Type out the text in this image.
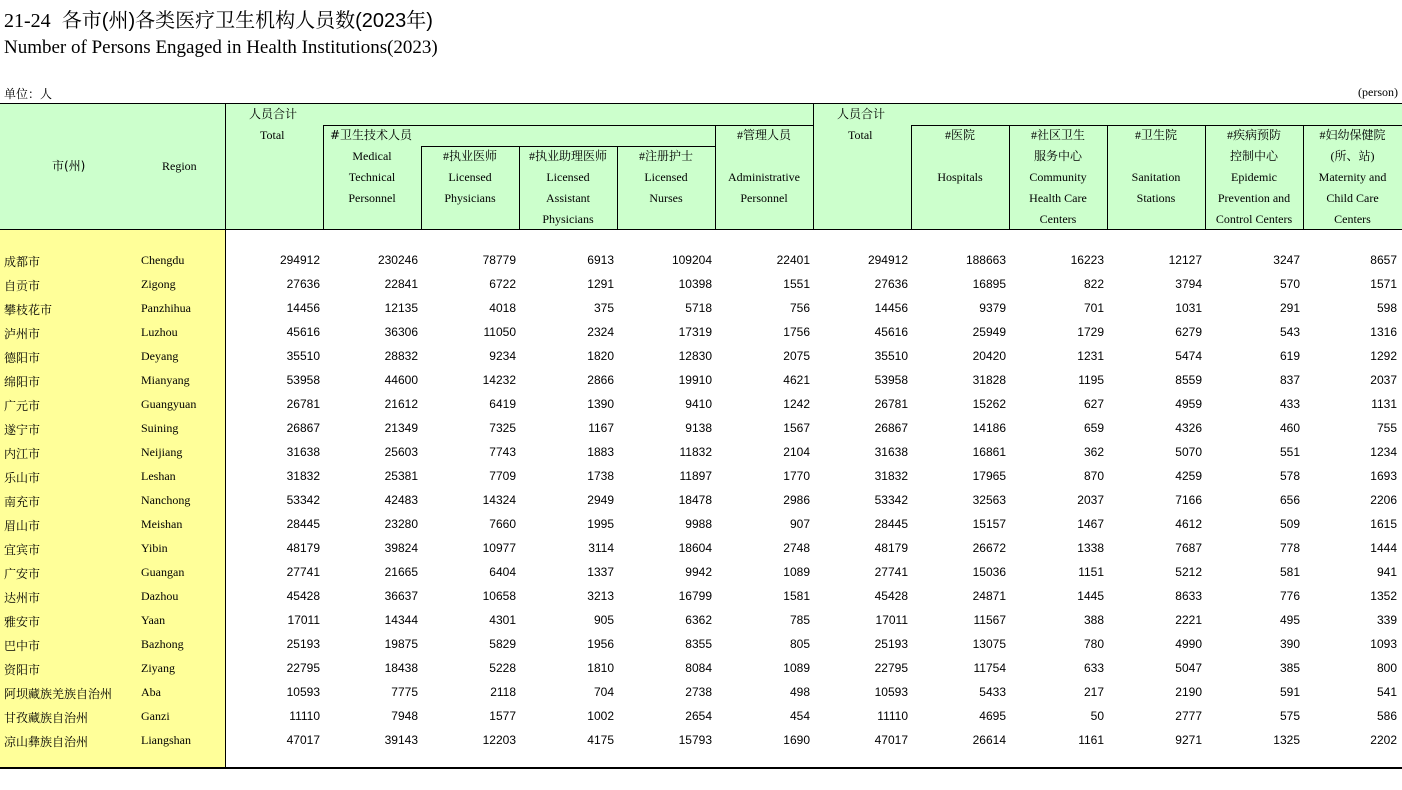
21-24 各市(州)各类医疗卫生机构人员数(2023年)
Number of Persons Engaged in Health Institutions(2023)
单位：人	(person)
市(州)	Region
人员合计
Total	#卫生技术人员
Medical
Technical
Personnel
#执业医师
Licensed
Physicians
#执业助理医师
Licensed
Assistant
Physicians
#注册护士
Licensed
Nurses
#管理人员

Administrative
Personnel
人员合计
Total	#医院

Hospitals
#社区卫生
服务中心
Community
Health Care
Centers
#卫生院

Sanitation
Stations
#疾病预防
控制中心
Epidemic
Prevention and
Control Centers
#妇幼保健院
(所、站)
Maternity and
Child Care
Centers
成都市	Chengdu	294912	230246	78779	6913	109204	22401	294912	188663	16223	12127	3247	8657
自贡市	Zigong	27636	22841	6722	1291	10398	1551	27636	16895	822	3794	570	1571
攀枝花市	Panzhihua	14456	12135	4018	375	5718	756	14456	9379	701	1031	291	598
泸州市	Luzhou	45616	36306	11050	2324	17319	1756	45616	25949	1729	6279	543	1316
德阳市	Deyang	35510	28832	9234	1820	12830	2075	35510	20420	1231	5474	619	1292
绵阳市	Mianyang	53958	44600	14232	2866	19910	4621	53958	31828	1195	8559	837	2037
广元市	Guangyuan	26781	21612	6419	1390	9410	1242	26781	15262	627	4959	433	1131
遂宁市	Suining	26867	21349	7325	1167	9138	1567	26867	14186	659	4326	460	755
内江市	Neijiang	31638	25603	7743	1883	11832	2104	31638	16861	362	5070	551	1234
乐山市	Leshan	31832	25381	7709	1738	11897	1770	31832	17965	870	4259	578	1693
南充市	Nanchong	53342	42483	14324	2949	18478	2986	53342	32563	2037	7166	656	2206
眉山市	Meishan	28445	23280	7660	1995	9988	907	28445	15157	1467	4612	509	1615
宜宾市	Yibin	48179	39824	10977	3114	18604	2748	48179	26672	1338	7687	778	1444
广安市	Guangan	27741	21665	6404	1337	9942	1089	27741	15036	1151	5212	581	941
达州市	Dazhou	45428	36637	10658	3213	16799	1581	45428	24871	1445	8633	776	1352
雅安市	Yaan	17011	14344	4301	905	6362	785	17011	11567	388	2221	495	339
巴中市	Bazhong	25193	19875	5829	1956	8355	805	25193	13075	780	4990	390	1093
资阳市	Ziyang	22795	18438	5228	1810	8084	1089	22795	11754	633	5047	385	800
阿坝藏族羌族自治州 Aba	10593	7775	2118	704	2738	498	10593	5433	217	2190	591	541
甘孜藏族自治州	Ganzi	11110	7948	1577	1002	2654	454	11110	4695	50	2777	575	586
凉山彝族自治州	Liangshan	47017	39143	12203	4175	15793	1690	47017	26614	1161	9271	1325	2202
